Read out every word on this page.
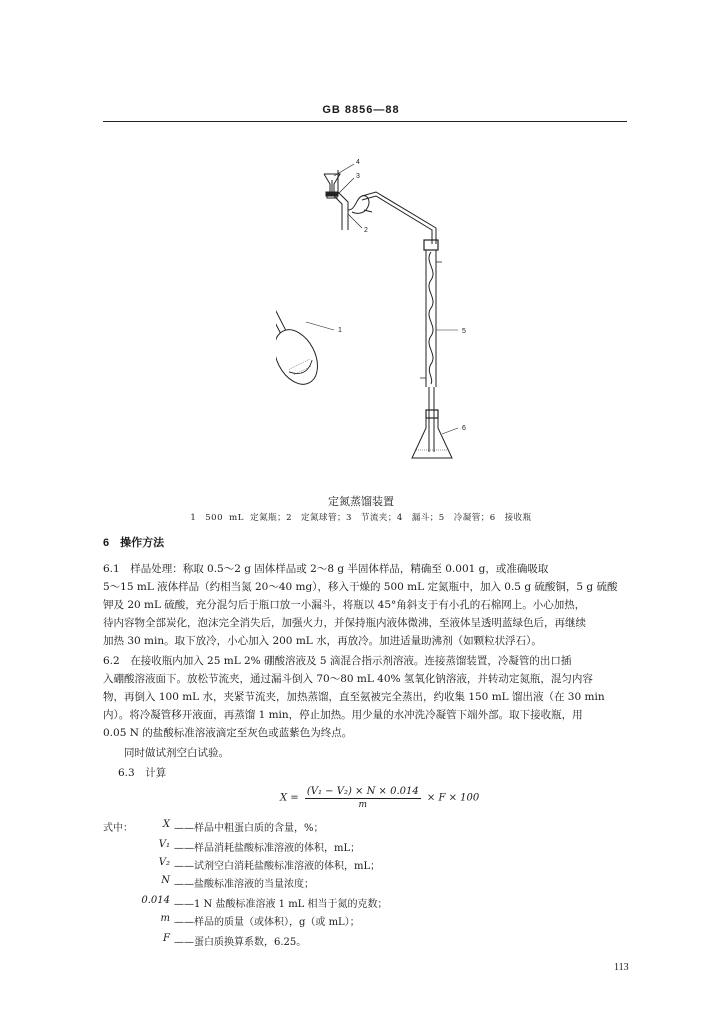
GB 8856—88
1
2
3
4
5
6
定氮蒸馏装置
1　500 mL 定氮瓶；2　定氮球管；3　节流夹；4　漏斗；5　冷凝管；6　接收瓶
6　操作方法
6.1　样品处理：称取 0.5～2 g 固体样品或 2～8 g 半固体样品，精确至 0.001 g，或准确吸取
5～15 mL 液体样品（约相当氮 20～40 mg），移入干燥的 500 mL 定氮瓶中，加入 0.5 g 硫酸铜，5 g 硫酸
钾及 20 mL 硫酸，充分混匀后于瓶口放一小漏斗，将瓶以 45°角斜支于有小孔的石棉网上。小心加热，
待内容物全部炭化，泡沫完全消失后，加强火力，并保持瓶内液体微沸，至液体呈透明蓝绿色后，再继续
加热 30 min。取下放冷，小心加入 200 mL 水，再放冷。加进适量助沸剂（如颗粒状浮石）。
6.2　在接收瓶内加入 25 mL 2% 硼酸溶液及 5 滴混合指示剂溶液。连接蒸馏装置，冷凝管的出口插
入硼酸溶液面下。放松节流夹，通过漏斗倒入 70～80 mL 40% 氢氧化钠溶液，并转动定氮瓶，混匀内容
物，再倒入 100 mL 水，夹紧节流夹，加热蒸馏，直至氨被完全蒸出，约收集 150 mL 馏出液（在 30 min
内）。将冷凝管移开液面，再蒸馏 1 min，停止加热。用少量的水冲洗冷凝管下端外部。取下接收瓶，用
0.05 N 的盐酸标准溶液滴定至灰色或蓝紫色为终点。
同时做试剂空白试验。
6.3　计算
$X = \frac{\text{(V₁ − V₂) × N × 0.014}}{m} \times F \times 100$
式中：	X ——样品中粗蛋白质的含量，%；
V₁ ——样品消耗盐酸标准溶液的体积，mL；
V₂ ——试剂空白消耗盐酸标准溶液的体积，mL；
N ——盐酸标准溶液的当量浓度；
0.014 ——1 N 盐酸标准溶液 1 mL 相当于氮的克数；
m ——样品的质量（或体积），g（或 mL）；
F ——蛋白质换算系数，6.25。
113
